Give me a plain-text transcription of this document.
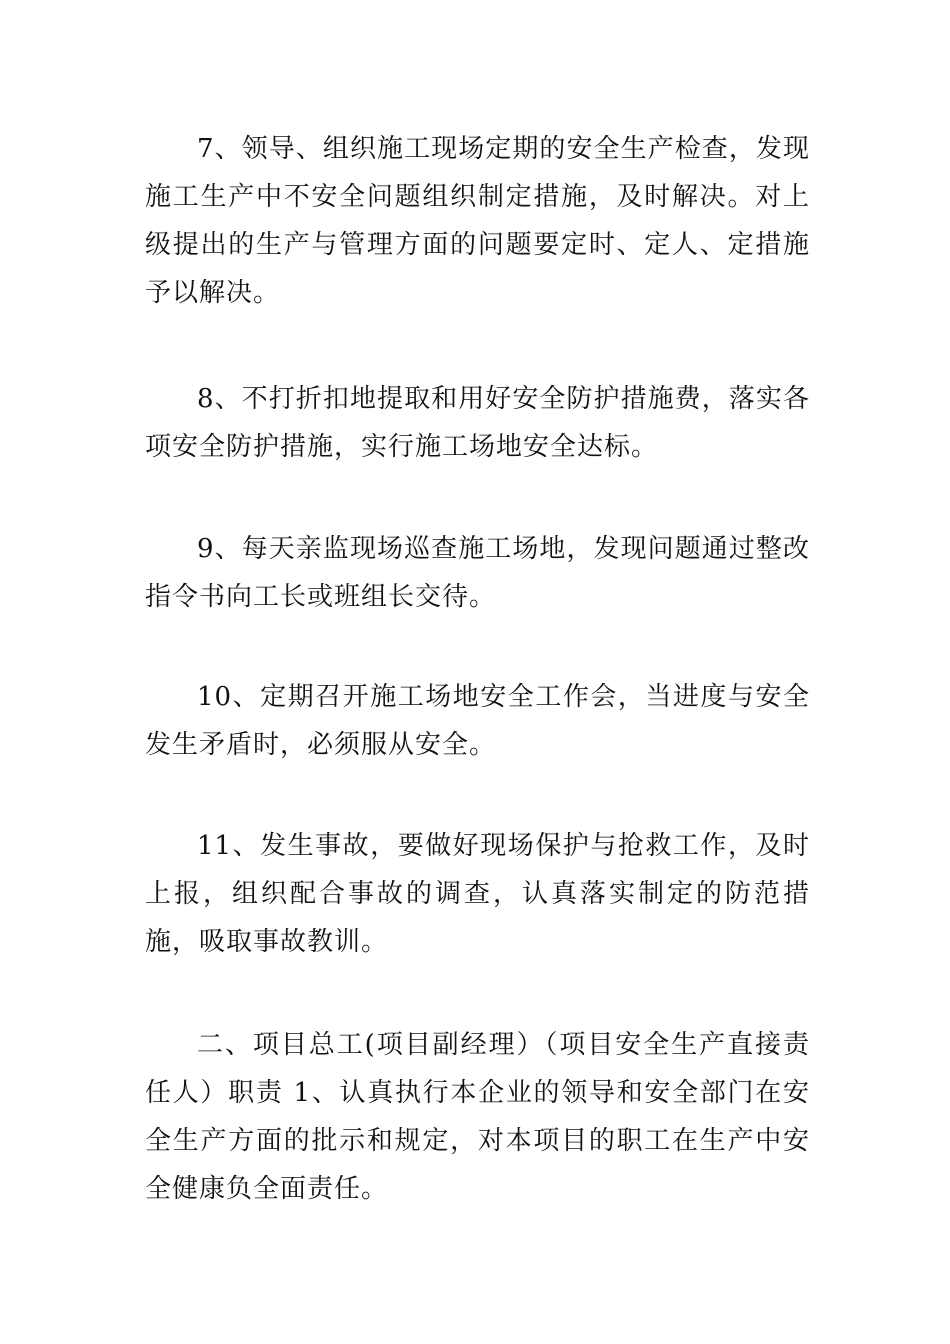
7、领导、组织施工现场定期的安全生产检查，发现施工生产中不安全问题组织制定措施，及时解决。对上级提出的生产与管理方面的问题要定时、定人、定措施予以解决。

8、不打折扣地提取和用好安全防护措施费，落实各项安全防护措施，实行施工场地安全达标。

9、每天亲监现场巡查施工场地，发现问题通过整改指令书向工长或班组长交待。

10、定期召开施工场地安全工作会，当进度与安全发生矛盾时，必须服从安全。

11、发生事故，要做好现场保护与抢救工作，及时上报，组织配合事故的调查，认真落实制定的防范措施，吸取事故教训。

二、项目总工(项目副经理）（项目安全生产直接责任人）职责 1、认真执行本企业的领导和安全部门在安全生产方面的批示和规定，对本项目的职工在生产中安全健康负全面责任。
